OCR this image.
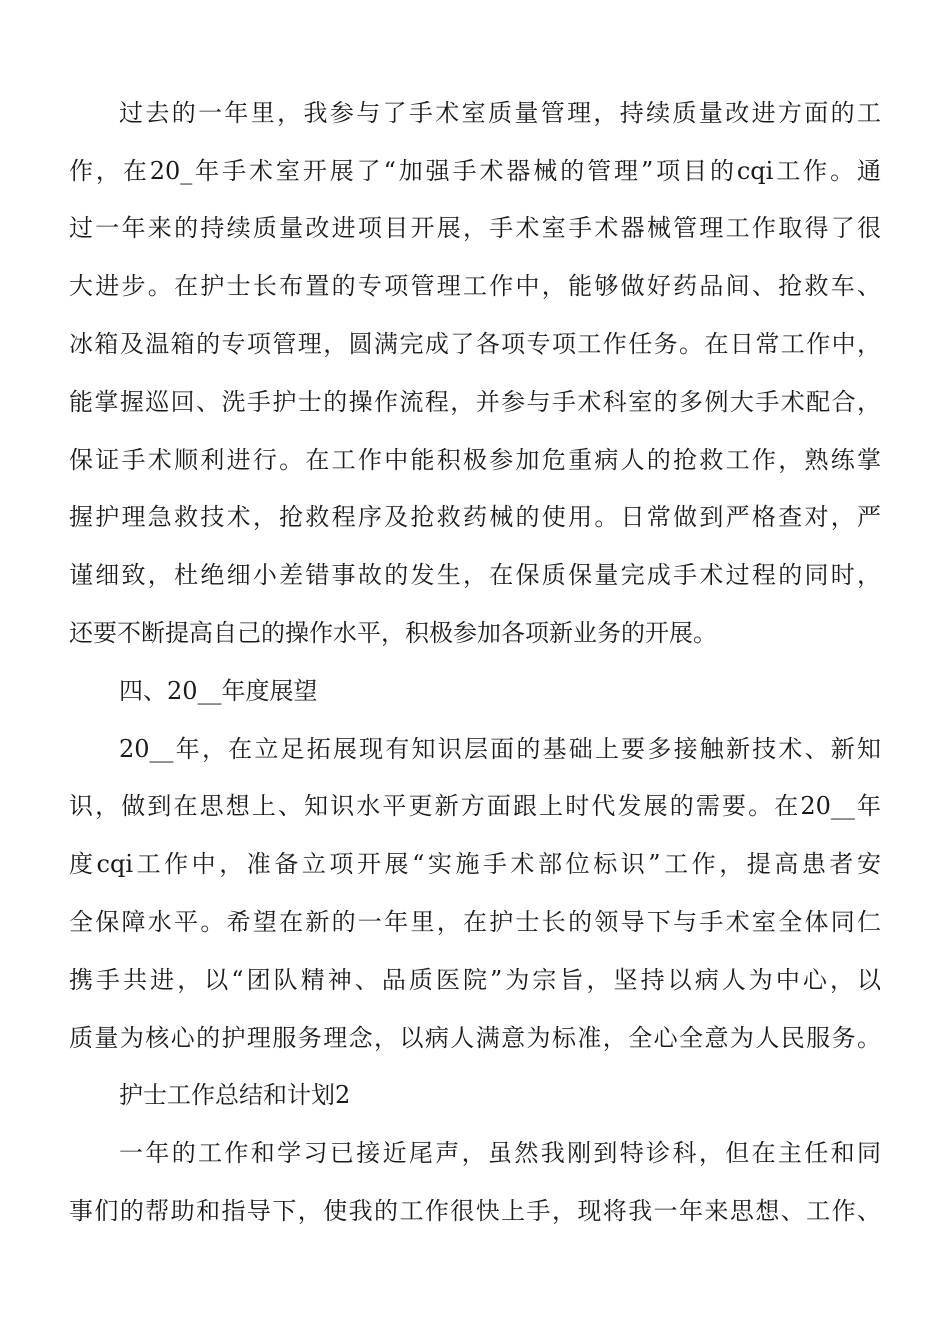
过去的一年里，我参与了手术室质量管理，持续质量改进方面的工
作，在20_年手术室开展了“加强手术器械的管理”项目的cqi工作。通
过一年来的持续质量改进项目开展，手术室手术器械管理工作取得了很
大进步。在护士长布置的专项管理工作中，能够做好药品间、抢救车、
冰箱及温箱的专项管理，圆满完成了各项专项工作任务。在日常工作中，
能掌握巡回、洗手护士的操作流程，并参与手术科室的多例大手术配合，
保证手术顺利进行。在工作中能积极参加危重病人的抢救工作，熟练掌
握护理急救技术，抢救程序及抢救药械的使用。日常做到严格查对，严
谨细致，杜绝细小差错事故的发生，在保质保量完成手术过程的同时，
还要不断提高自己的操作水平，积极参加各项新业务的开展。
四、20__年度展望
20__年，在立足拓展现有知识层面的基础上要多接触新技术、新知
识，做到在思想上、知识水平更新方面跟上时代发展的需要。在20__年
度cqi工作中，准备立项开展“实施手术部位标识”工作，提高患者安
全保障水平。希望在新的一年里，在护士长的领导下与手术室全体同仁
携手共进，以“团队精神、品质医院”为宗旨，坚持以病人为中心，以
质量为核心的护理服务理念，以病人满意为标准，全心全意为人民服务。
护士工作总结和计划2
一年的工作和学习已接近尾声，虽然我刚到特诊科，但在主任和同
事们的帮助和指导下，使我的工作很快上手，现将我一年来思想、工作、
